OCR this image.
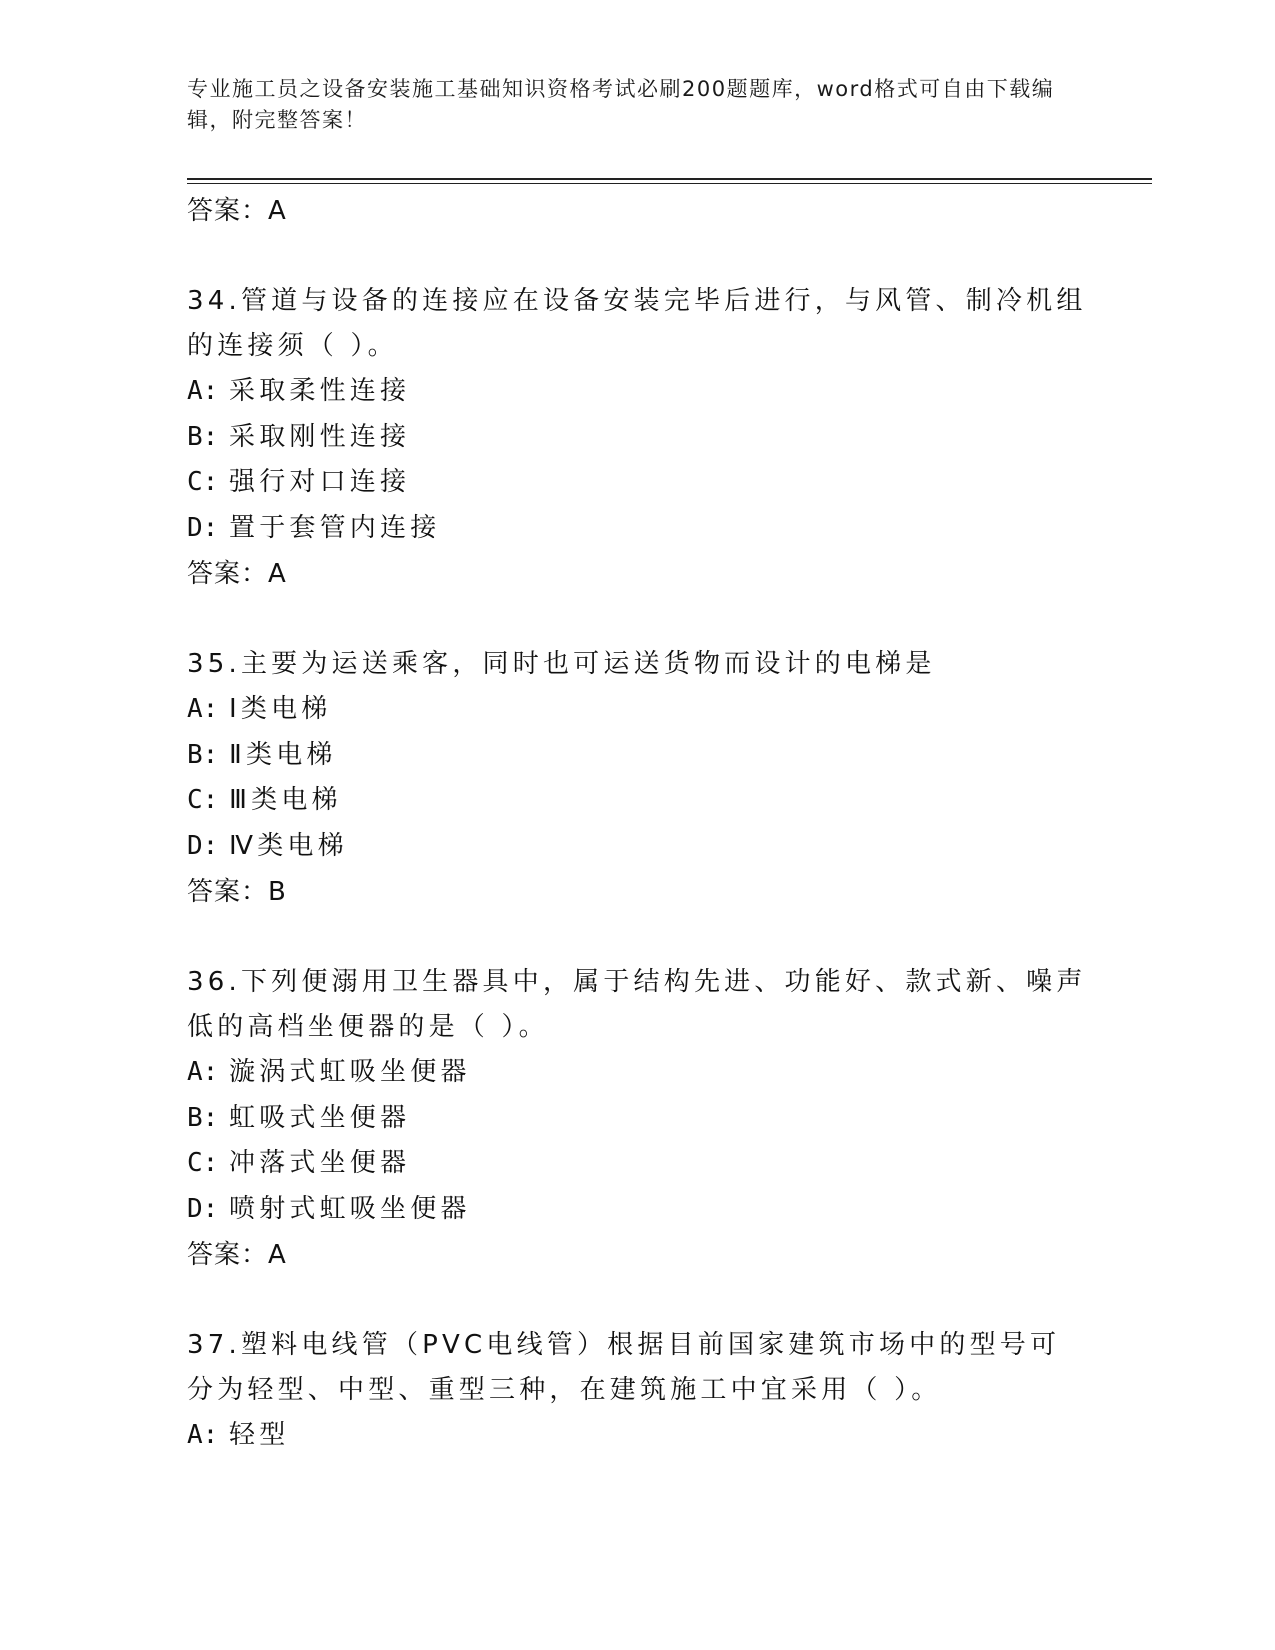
专业施工员之设备安装施工基础知识资格考试必刷200题题库，word格式可自由下载编辑，附完整答案！
答案：A
34.管道与设备的连接应在设备安装完毕后进行，与风管、制冷机组的连接须（ ）。
A: 采取柔性连接
B: 采取刚性连接
C: 强行对口连接
D: 置于套管内连接
答案：A
35.主要为运送乘客，同时也可运送货物而设计的电梯是
A: Ⅰ类电梯
B: Ⅱ类电梯
C: Ⅲ类电梯
D: Ⅳ类电梯
答案：B
36.下列便溺用卫生器具中，属于结构先进、功能好、款式新、噪声低的高档坐便器的是（ ）。
A: 漩涡式虹吸坐便器
B: 虹吸式坐便器
C: 冲落式坐便器
D: 喷射式虹吸坐便器
答案：A
37.塑料电线管（PVC电线管）根据目前国家建筑市场中的型号可分为轻型、中型、重型三种，在建筑施工中宜采用（ ）。
A: 轻型
